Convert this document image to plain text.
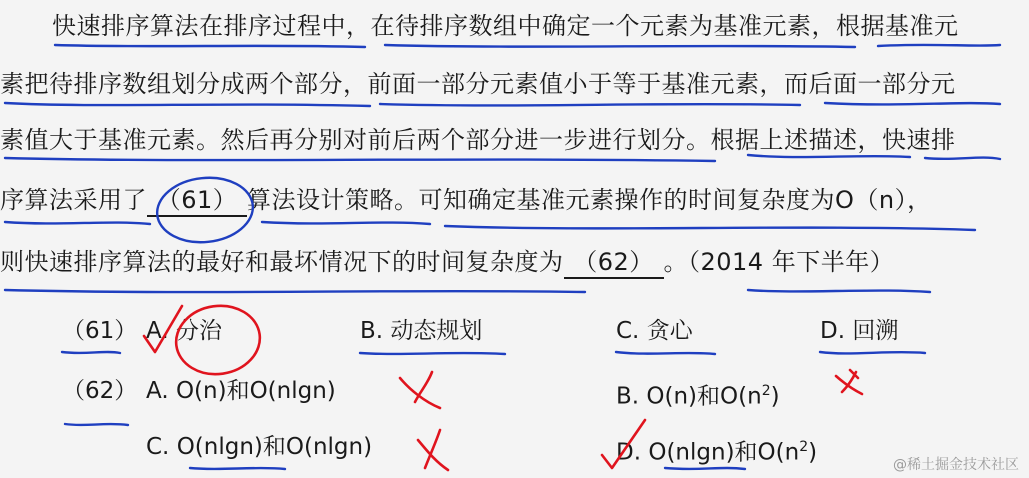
快速排序算法在排序过程中，在待排序数组中确定一个元素为基准元素，根据基准元
素把待排序数组划分成两个部分，前面一部分元素值小于等于基准元素，而后面一部分元
素值大于基准元素。然后再分别对前后两个部分进一步进行划分。根据上述描述，快速排
序算法采用了 （61） 算法设计策略。可知确定基准元素操作的时间复杂度为O（n），
则快速排序算法的最好和最坏情况下的时间复杂度为 （62） 。（2014 年下半年）
（61） A. 分治	B. 动态规划	C. 贪心	D. 回溯
（62） A. O(n)和O(nlgn)	B. O(n)和$O(n^2)$
C. O(nlgn)和O(nlgn)	D. O(nlgn)和$O(n^2)$	@稀土掘金技术社区
